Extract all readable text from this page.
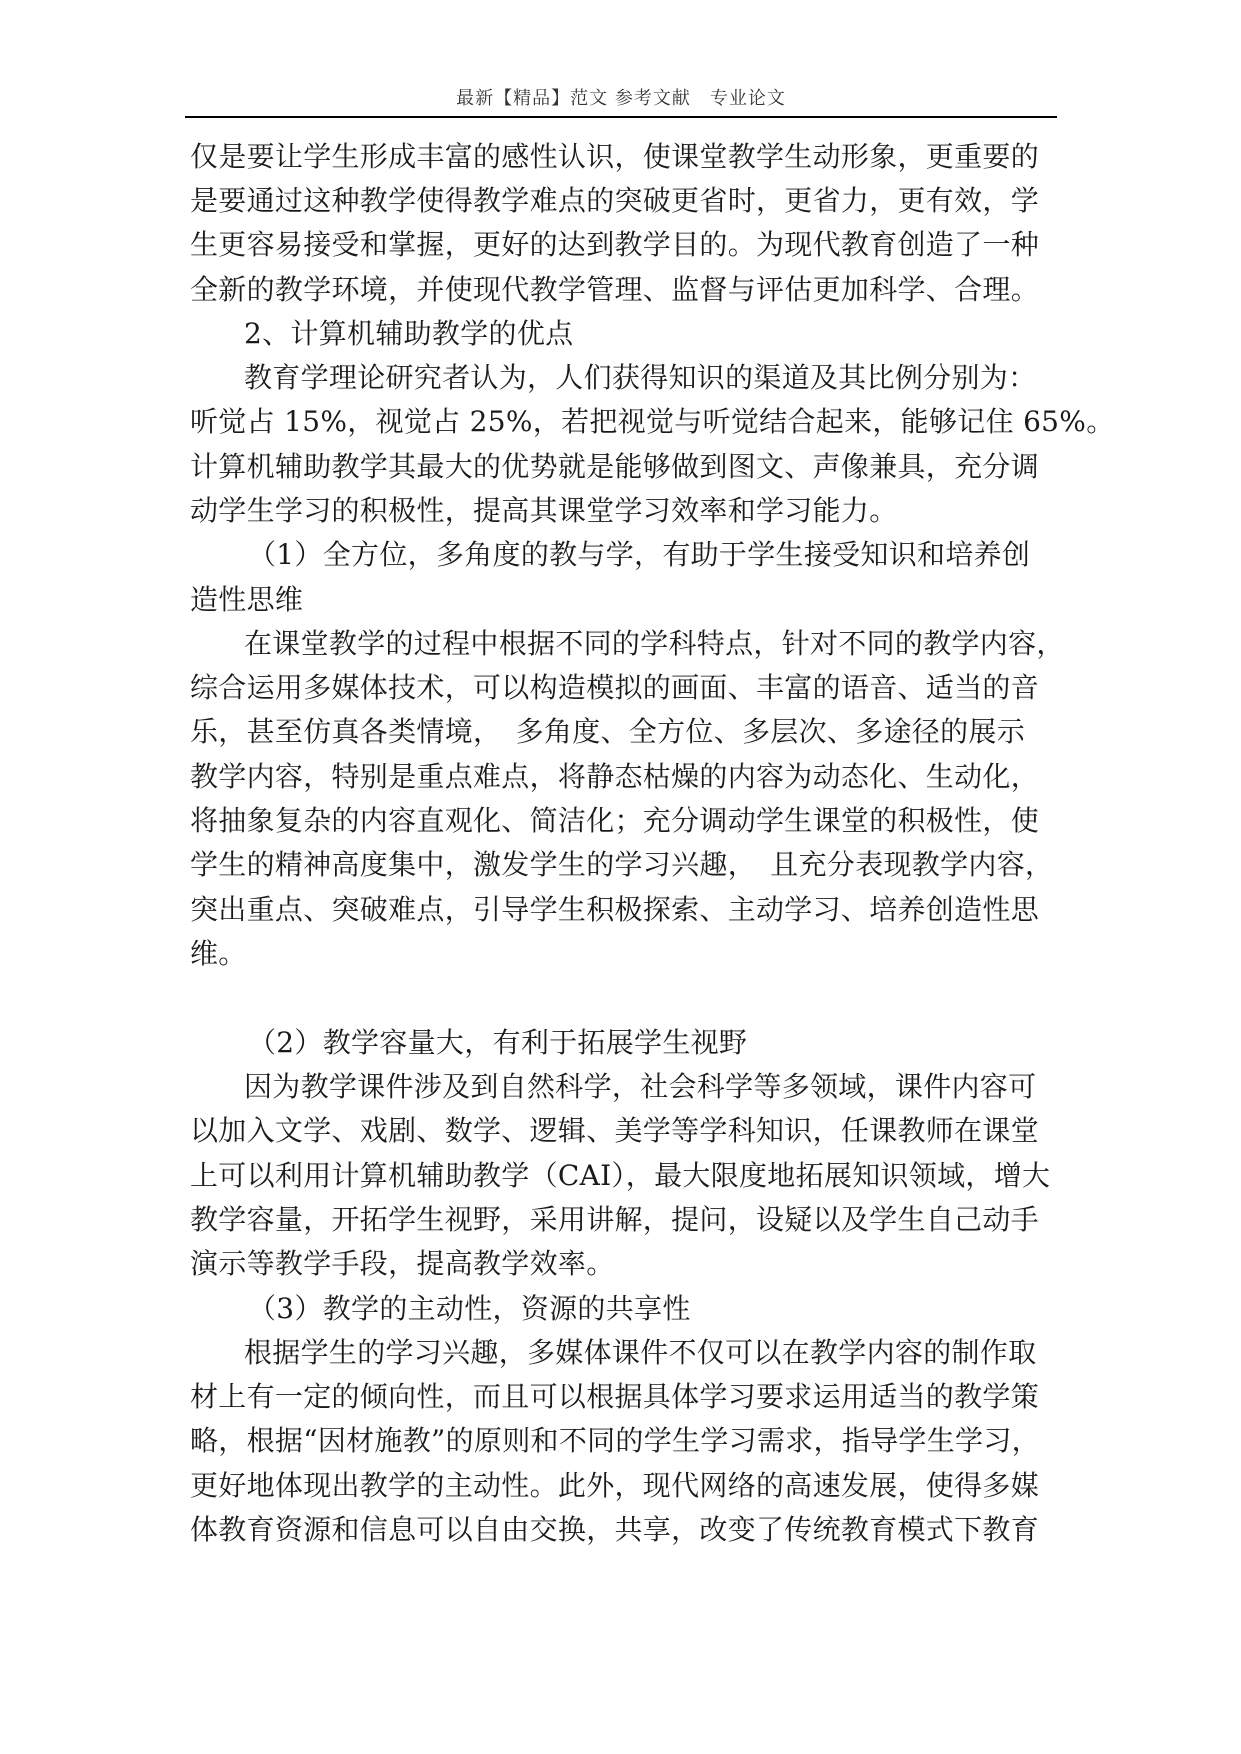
最新【精品】范文 参考文献　专业论文
仅是要让学生形成丰富的感性认识，使课堂教学生动形象，更重要的
是要通过这种教学使得教学难点的突破更省时，更省力，更有效，学
生更容易接受和掌握，更好的达到教学目的。为现代教育创造了一种
全新的教学环境，并使现代教学管理、监督与评估更加科学、合理。
2、计算机辅助教学的优点
教育学理论研究者认为，人们获得知识的渠道及其比例分别为：
听觉占 15%，视觉占 25%，若把视觉与听觉结合起来，能够记住 65%。
计算机辅助教学其最大的优势就是能够做到图文、声像兼具，充分调
动学生学习的积极性，提高其课堂学习效率和学习能力。
（1）全方位，多角度的教与学，有助于学生接受知识和培养创
造性思维
在课堂教学的过程中根据不同的学科特点，针对不同的教学内容，
综合运用多媒体技术，可以构造模拟的画面、丰富的语音、适当的音
乐，甚至仿真各类情境，　多角度、全方位、多层次、多途径的展示
教学内容，特别是重点难点，将静态枯燥的内容为动态化、生动化，
将抽象复杂的内容直观化、简洁化；充分调动学生课堂的积极性，使
学生的精神高度集中，激发学生的学习兴趣，　且充分表现教学内容，
突出重点、突破难点，引导学生积极探索、主动学习、培养创造性思
维。
（2）教学容量大，有利于拓展学生视野
因为教学课件涉及到自然科学，社会科学等多领域，课件内容可
以加入文学、戏剧、数学、逻辑、美学等学科知识，任课教师在课堂
上可以利用计算机辅助教学（CAI），最大限度地拓展知识领域，增大
教学容量，开拓学生视野，采用讲解，提问，设疑以及学生自己动手
演示等教学手段，提高教学效率。
（3）教学的主动性，资源的共享性
根据学生的学习兴趣，多媒体课件不仅可以在教学内容的制作取
材上有一定的倾向性，而且可以根据具体学习要求运用适当的教学策
略，根据“因材施教”的原则和不同的学生学习需求，指导学生学习，
更好地体现出教学的主动性。此外，现代网络的高速发展，使得多媒
体教育资源和信息可以自由交换，共享，改变了传统教育模式下教育
